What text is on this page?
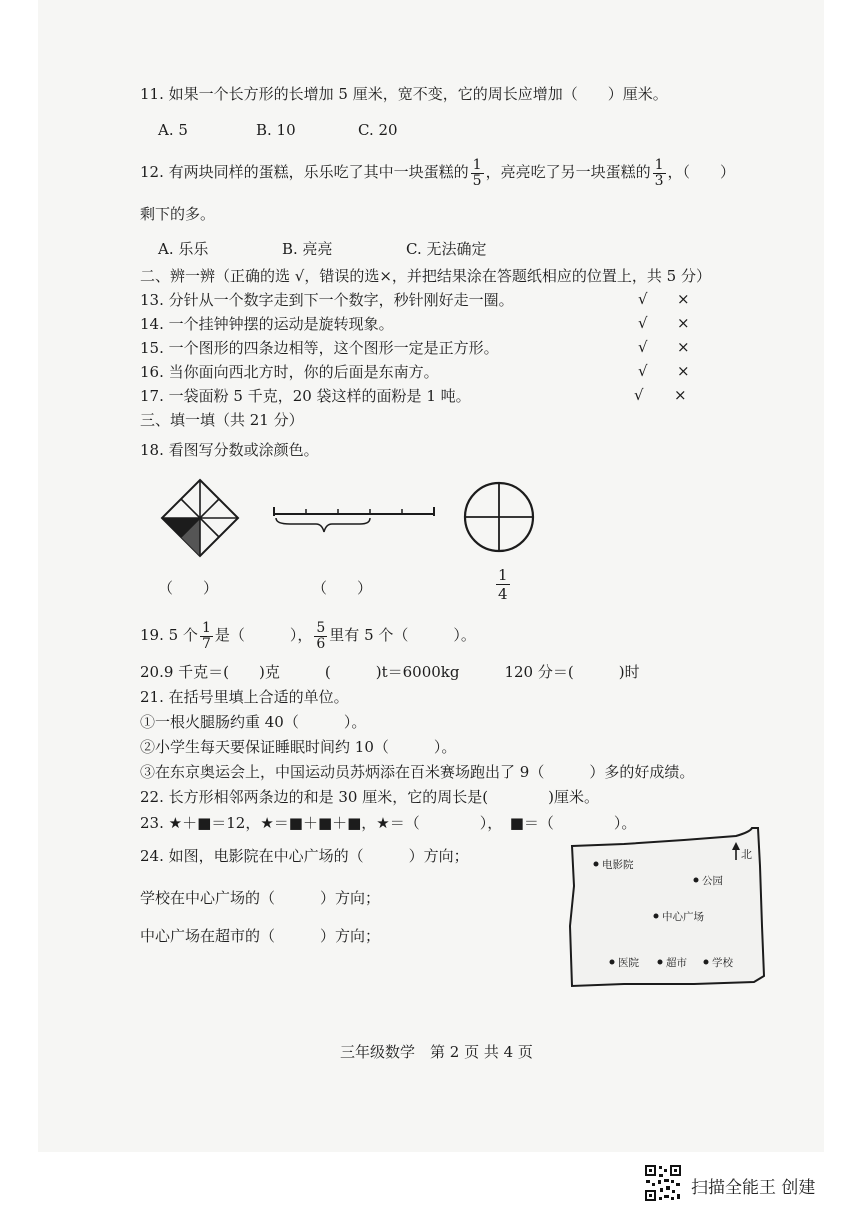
11. 如果一个长方形的长增加 5 厘米，宽不变，它的周长应增加（　　）厘米。
A. 5	B. 10	C. 20
12. 有两块同样的蛋糕，乐乐吃了其中一块蛋糕的 $\frac{1}{5}$ ，亮亮吃了另一块蛋糕的 $\frac{1}{3}$ ，（　　）
剩下的多。
A. 乐乐	B. 亮亮	C. 无法确定
二、辨一辨（正确的选 √，错误的选×，并把结果涂在答题纸相应的位置上，共 5 分）
13. 分针从一个数字走到下一个数字，秒针刚好走一圈。	√ ×
14. 一个挂钟钟摆的运动是旋转现象。	√ ×
15. 一个图形的四条边相等，这个图形一定是正方形。	√ ×
16. 当你面向西北方时，你的后面是东南方。	√ ×
17. 一袋面粉 5 千克，20 袋这样的面粉是 1 吨。	√ ×
三、填一填（共 21 分）
18. 看图写分数或涂颜色。
（　　）	（　　）	$\frac{1}{4}$
19. 5 个 $\frac{1}{7}$ 是（　　　）， $\frac{5}{6}$ 里有 5 个（　　　）。
20.9 千克＝(　　)克　　　(　　　)t＝6000kg　　　120 分＝(　　　)时
21. 在括号里填上合适的单位。
①一根火腿肠约重 40（　　　）。
②小学生每天要保证睡眠时间约 10（　　　）。
③在东京奥运会上，中国运动员苏炳添在百米赛场跑出了 9（　　　）多的好成绩。
22. 长方形相邻两条边的和是 30 厘米，它的周长是(　　　　)厘米。
23. ★＋■＝12，★＝■＋■＋■，★＝（　　　　），　■＝（　　　　）。
24. 如图，电影院在中心广场的（　　　）方向；
学校在中心广场的（　　　）方向；
中心广场在超市的（　　　）方向；
北
电影院
公园
中心广场
医院	超市 学校
三年级数学　第 2 页 共 4 页
扫描全能王 创建
